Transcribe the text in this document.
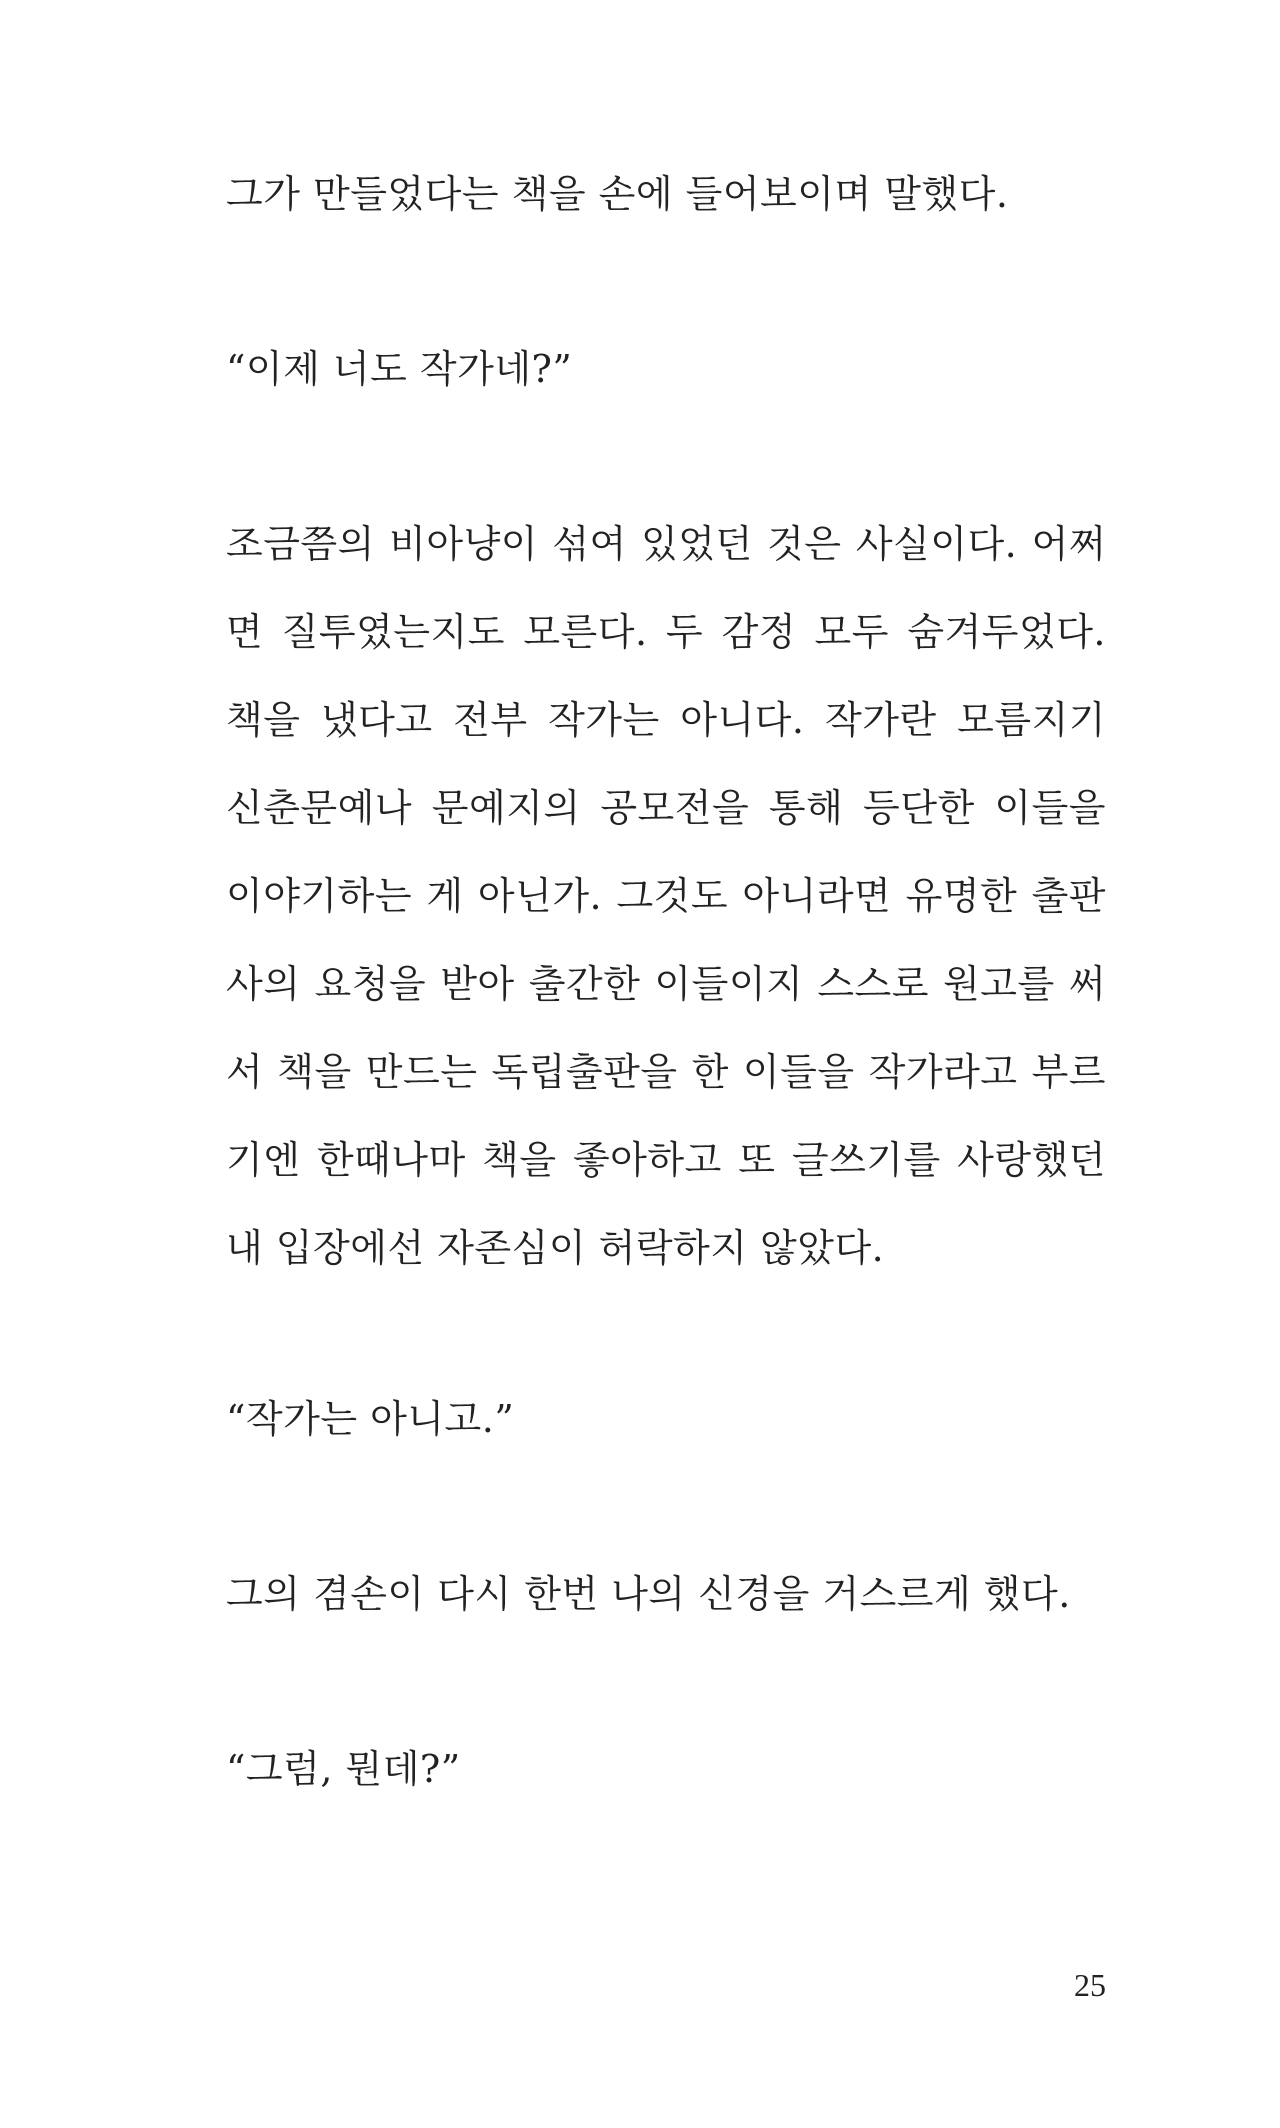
그가 만들었다는 책을 손에 들어보이며 말했다.

“이제 너도 작가네?”

조금쯤의 비아냥이 섞여 있었던 것은 사실이다. 어쩌면 질투였는지도 모른다. 두 감정 모두 숨겨두었다. 책을 냈다고 전부 작가는 아니다. 작가란 모름지기 신춘문예나 문예지의 공모전을 통해 등단한 이들을 이야기하는 게 아닌가. 그것도 아니라면 유명한 출판사의 요청을 받아 출간한 이들이지 스스로 원고를 써서 책을 만드는 독립출판을 한 이들을 작가라고 부르기엔 한때나마 책을 좋아하고 또 글쓰기를 사랑했던 내 입장에선 자존심이 허락하지 않았다.

“작가는 아니고.”

그의 겸손이 다시 한번 나의 신경을 거스르게 했다.

“그럼, 뭔데?”

25
